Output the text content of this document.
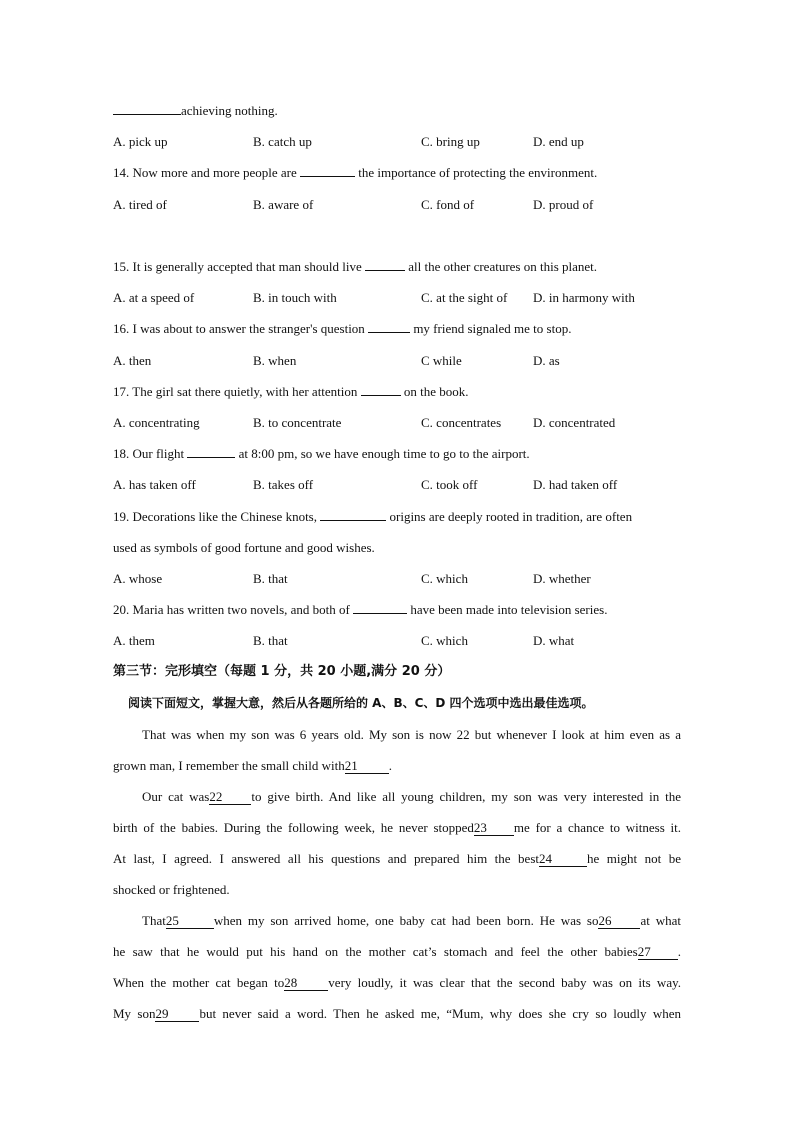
achieving nothing.
A. pick up	B. catch up	C. bring up	D. end up
14. Now more and more people are	the importance of protecting the environment.
A. tired of	B. aware of	C. fond of	D. proud of
15. It is generally accepted that man should live	all the other creatures on this planet.
A. at a speed of	B. in touch with	C. at the sight of D. in harmony with
16. I was about to answer the stranger's question	my friend signaled me to stop.
A. then	B. when	C while	D. as
17. The girl sat there quietly, with her attention	on the book.
A. concentrating	B. to concentrate	C. concentrates D. concentrated
18. Our flight	at 8:00 pm, so we have enough time to go to the airport.
A. has taken off	B. takes off	C. took off	D. had taken off
19. Decorations like the Chinese knots,	origins are deeply rooted in tradition, are often
used as symbols of good fortune and good wishes.
A. whose	B. that	C. which	D. whether
20. Maria has written two novels, and both of	have been made into television series.
A. them	B. that	C. which	D. what
第三节：完形填空（每题 1 分，共 20 小题,满分 20 分）
阅读下面短文，掌握大意，然后从各题所给的 A、B、C、D 四个选项中选出最佳选项。
That was when my son was 6 years old. My son is now 22 but whenever I look at him even as a
grown man, I remember the small child with21 .
Our cat was22 to give birth. And like all young children, my son was very interested in the
birth of the babies. During the following week, he never stopped23 me for a chance to witness it.
At last, I agreed. I answered all his questions and prepared him the best24	he might not be
shocked or frightened.
That25	when my son arrived home, one baby cat had been born. He was so26 at what
he saw that he would put his hand on the mother cat’s stomach and feel the other babies27 .
When the mother cat began to28 very loudly, it was clear that the second baby was on its way.
My son29 but never said a word. Then he asked me, “Mum, why does she cry so loudly when
